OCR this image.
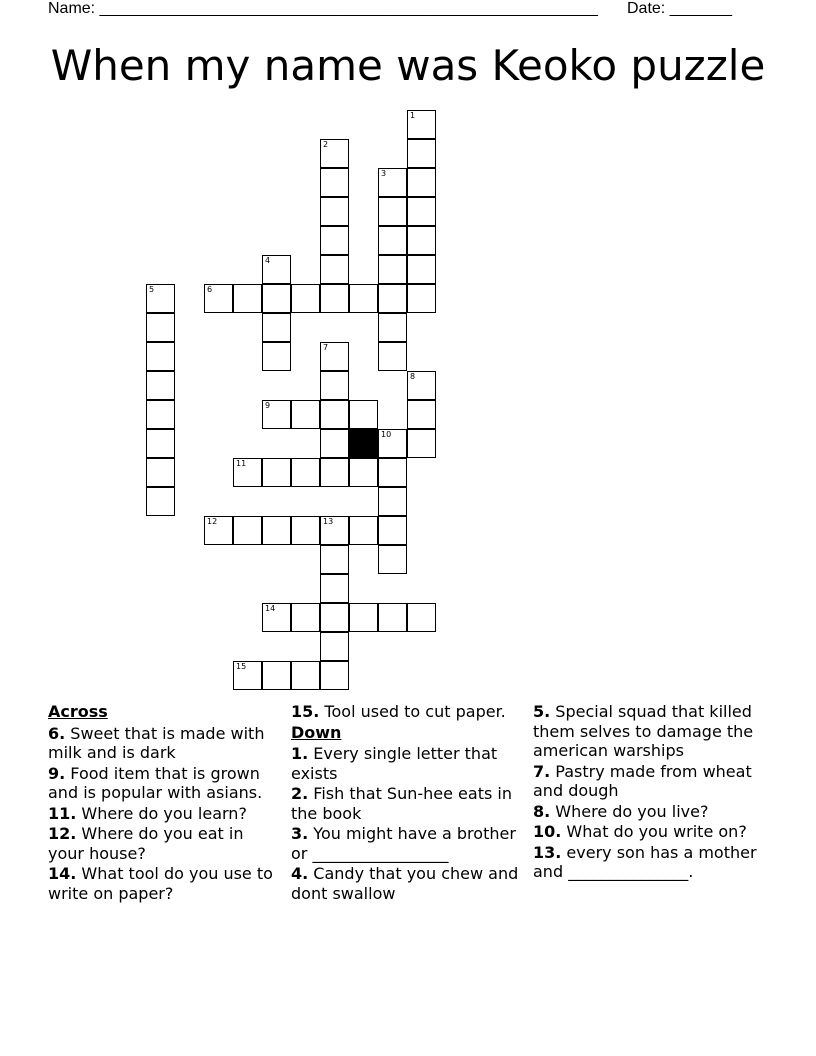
Name: ________________________________________________________ Date: _______
When my name was Keoko puzzle
1
2
3
4
5	6
7
8
9
10
11
12	13
14
15
Across
6. Sweet that is made with milk and is dark
9. Food item that is grown and is popular with asians.
11. Where do you learn?
12. Where do you eat in your house?
14. What tool do you use to write on paper?
15. Tool used to cut paper.
Down
1. Every single letter that exists
2. Fish that Sun-hee eats in the book
3. You might have a brother or _________________
4. Candy that you chew and dont swallow
5. Special squad that killed them selves to damage the american warships
7. Pastry made from wheat and dough
8. Where do you live?
10. What do you write on?
13. every son has a mother and _______________.
